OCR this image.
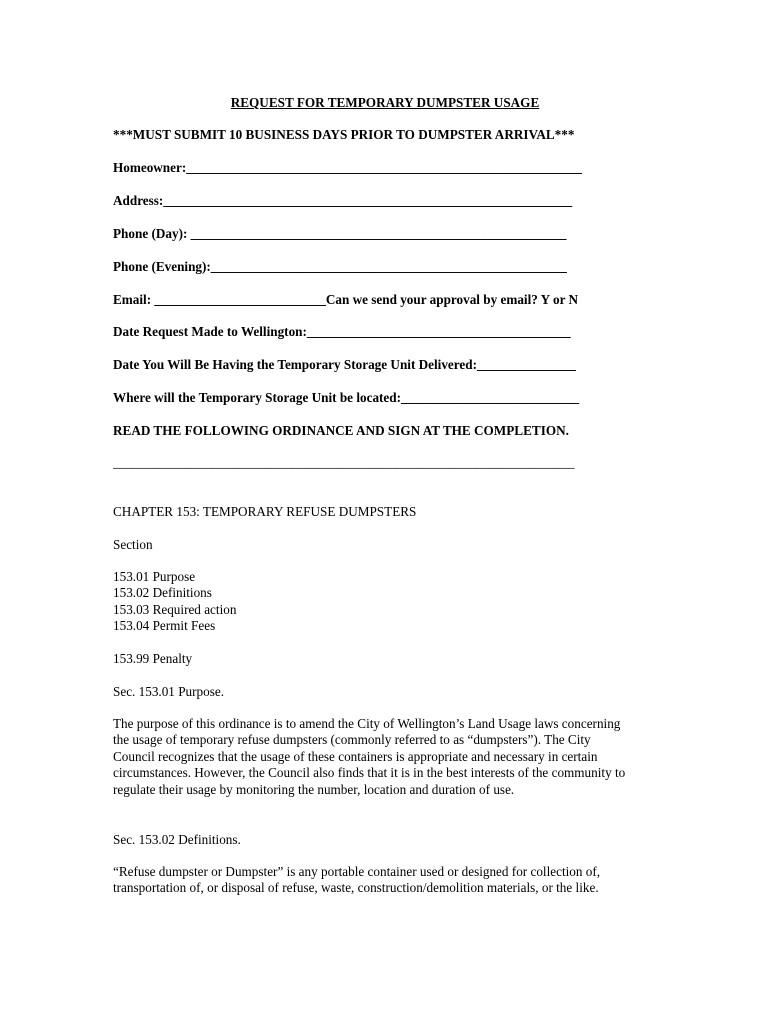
REQUEST FOR TEMPORARY DUMPSTER USAGE
***MUST SUBMIT 10 BUSINESS DAYS PRIOR TO DUMPSTER ARRIVAL***
Homeowner:____________________________________________________________
Address:______________________________________________________________
Phone (Day): _________________________________________________________
Phone (Evening):______________________________________________________
Email: __________________________Can we send your approval by email? Y or N
Date Request Made to Wellington:________________________________________
Date You Will Be Having the Temporary Storage Unit Delivered:_______________
Where will the Temporary Storage Unit be located:___________________________
READ THE FOLLOWING ORDINANCE AND SIGN AT THE COMPLETION.
______________________________________________________________________
CHAPTER 153: TEMPORARY REFUSE DUMPSTERS
Section
153.01 Purpose
153.02 Definitions
153.03 Required action
153.04 Permit Fees
153.99 Penalty
Sec. 153.01 Purpose.
The purpose of this ordinance is to amend the City of Wellington’s Land Usage laws concerning
the usage of temporary refuse dumpsters (commonly referred to as “dumpsters”). The City
Council recognizes that the usage of these containers is appropriate and necessary in certain
circumstances. However, the Council also finds that it is in the best interests of the community to
regulate their usage by monitoring the number, location and duration of use.
Sec. 153.02 Definitions.
“Refuse dumpster or Dumpster” is any portable container used or designed for collection of,
transportation of, or disposal of refuse, waste, construction/demolition materials, or the like.
